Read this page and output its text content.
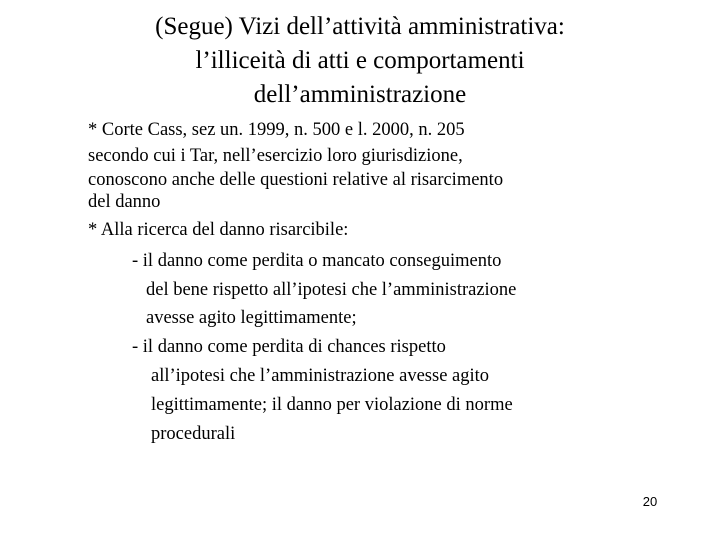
(Segue) Vizi dell’attività amministrativa:
l’illiceità di atti e comportamenti
dell’amministrazione
* Corte Cass, sez un. 1999, n. 500 e l. 2000, n. 205
secondo cui i Tar, nell’esercizio loro giurisdizione,
conoscono anche delle questioni relative al risarcimento
del danno
* Alla ricerca del danno risarcibile:
- il danno come perdita o mancato conseguimento
del bene rispetto all’ipotesi che l’amministrazione
avesse agito legittimamente;
- il danno come perdita di chances rispetto
all’ipotesi che l’amministrazione avesse agito
legittimamente; il danno per violazione di norme
procedurali
20
